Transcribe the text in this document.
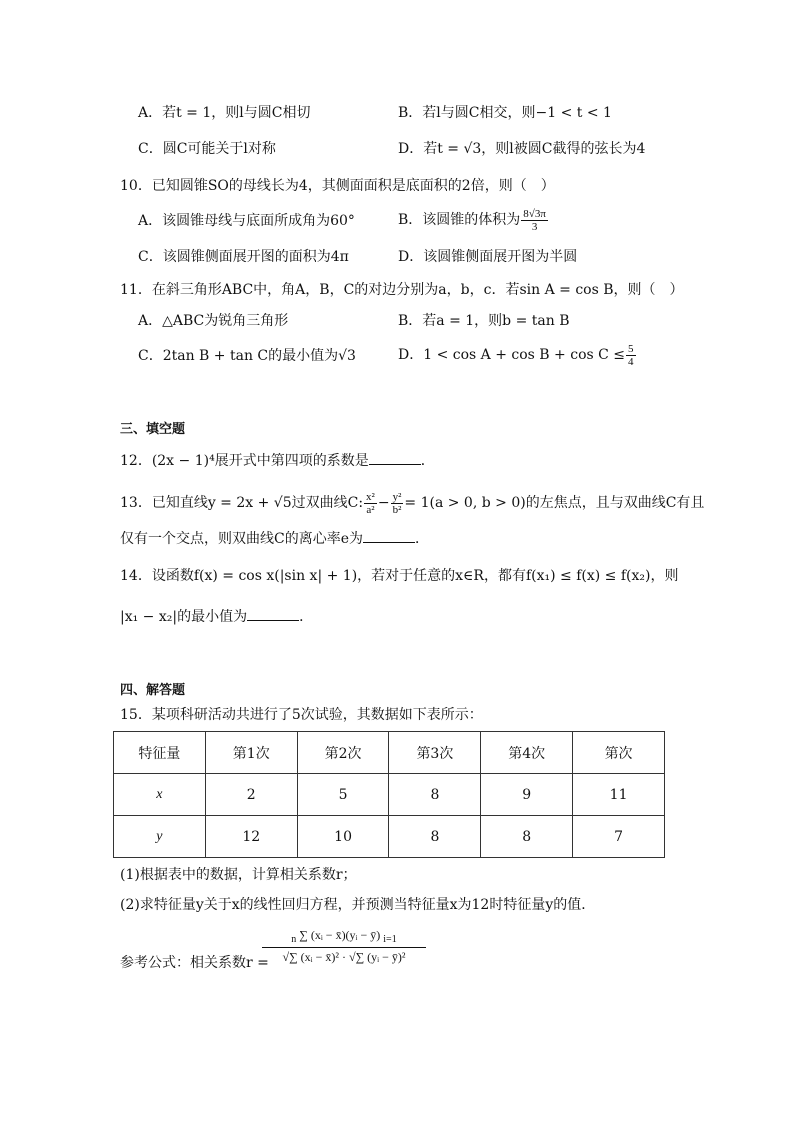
A．若t = 1，则l与圆C相切	B．若l与圆C相交，则−1 < t < 1
C．圆C可能关于l对称	D．若t = √3，则l被圆C截得的弦长为4
10．已知圆锥SO的母线长为4，其侧面面积是底面积的2倍，则（　）
A．该圆锥母线与底面所成角为60°	B．该圆锥的体积为 $\frac{8√3\pi}{3}$
C．该圆锥侧面展开图的面积为4π	D．该圆锥侧面展开图为半圆
11．在斜三角形ABC中，角A，B，C的对边分别为a，b，c．若sin A = cos B，则（　）
A．△ABC为锐角三角形	B．若a = 1，则b = tan B
C．2tan B + tan C的最小值为√3	D．$1 < \cos A + \cos B + \cos C \le \frac{5}{4}$
三、填空题
12．(2x − 1)⁴展开式中第四项的系数是	．
13．已知直线y = 2x + √5过双曲线C: $\frac{\text{x²}}{\text{a²}} - \frac{\text{y²}}{\text{b²}} = 1(a > 0$, b > 0)的左焦点，且与双曲线C有且
仅有一个交点，则双曲线C的离心率e为	．
14．设函数f(x) = cos x(|sin x| + 1)，若对于任意的x∈R，都有f(x₁) ≤ f(x) ≤ f(x₂)，则
|x₁ − x₂|的最小值为	．
四、解答题
15．某项科研活动共进行了5次试验，其数据如下表所示：
特征量	第1次	第2次	第3次	第4次	第次
x	2	5	8	9	11
y	12	10	8	8	7
(1)根据表中的数据，计算相关系数r；
(2)求特征量y关于x的线性回归方程，并预测当特征量x为12时特征量y的值．
参考公式：相关系数r =
$\frac{_n \sum (xᵢ - x̄)(yᵢ - ȳ) _{i=1}}{\text{√∑ (xᵢ − x̄)² · √∑ (yᵢ − ȳ)²}}$
